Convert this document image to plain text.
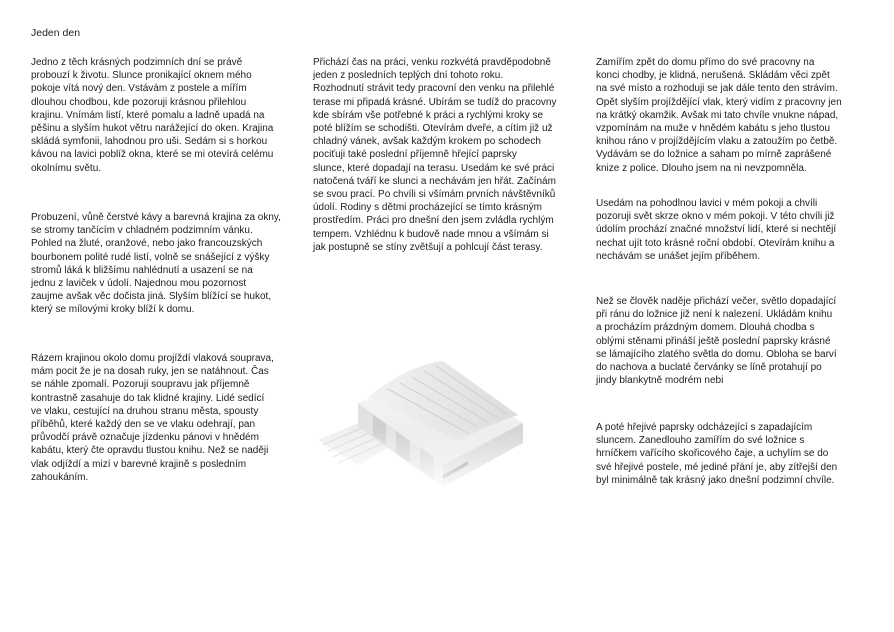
Jeden den

Jedno z těch krásných podzimních dní se právě
probouzí k životu. Slunce pronikající oknem mého
pokoje vítá nový den. Vstávám z postele a mířím
dlouhou chodbou, kde pozoruji krásnou přilehlou
krajinu. Vnímám listí, které pomalu a ladně upadá na
pěšinu a slyším hukot větru narážející do oken. Krajina
skládá symfonii, lahodnou pro uši. Sedám si s horkou
kávou na lavici poblíž okna, které se mi otevírá celému
okolnímu světu.

Probuzení, vůně čerstvé kávy a barevná krajina za okny,
se stromy tančícím v chladném podzimním vánku.
Pohled na žluté, oranžové, nebo jako francouzských
bourbonem polité rudé listí, volně se snášející z výšky
stromů láká k bližšímu nahlédnutí a usazení se na
jednu z laviček v údolí. Najednou mou pozornost
zaujme avšak věc dočista jiná. Slyším blížící se hukot,
který se mílovými kroky blíží k domu.

Rázem krajinou okolo domu projíždí vlaková souprava,
mám pocit že je na dosah ruky, jen se natáhnout. Čas
se náhle zpomalí. Pozoruji soupravu jak příjemně
kontrastně zasahuje do tak klidné krajiny. Lidé sedící
ve vlaku, cestující na druhou stranu města, spousty
příběhů, které každý den se ve vlaku odehrají, pan
průvodčí právě označuje jízdenku pánovi v hnědém
kabátu, který čte opravdu tlustou knihu. Než se naději
vlak odjíždí a mizí v barevné krajině s posledním
zahoukáním.

Přichází čas na práci, venku rozkvétá pravděpodobně
jeden z posledních teplých dní tohoto roku.
Rozhodnutí strávit tedy pracovní den venku na přilehlé
terase mi připadá krásné. Ubírám se tudíž do pracovny
kde sbírám vše potřebné k práci a rychlými kroky se
poté blížím se schodišti. Otevírám dveře, a cítím již už
chladný vánek, avšak každým krokem po schodech
pociťuji také poslední příjemně hřející paprsky
slunce, které dopadají na terasu. Usedám ke své práci
natočená tváří ke slunci a nechávám jen hřát. Začínám
se svou prací. Po chvíli si všímám prvních návštěvníků
údolí. Rodiny s dětmi procházející se tímto krásným
prostředím. Práci pro dnešní den jsem zvládla rychlým
tempem. Vzhlédnu k budově nade mnou a všímám si
jak postupně se stíny zvětšují a pohlcují část terasy.

Zamířím zpět do domu přímo do své pracovny na
konci chodby, je klidná, nerušená. Skládám věci zpět
na své místo a rozhoduji se jak dále tento den strávím.
Opět slyším projíždějící vlak, který vidím z pracovny jen
na krátký okamžik. Avšak mi tato chvíle vnukne nápad,
vzpomínám na muže v hnědém kabátu s jeho tlustou
knihou ráno v projíždějícím vlaku a zatoužím po četbě.
Vydávám se do ložnice a saham po mírně zaprášené
knize z police. Dlouho jsem na ni nevzpomněla.

Usedám na pohodlnou lavici v mém pokoji a chvíli
pozoruji svět skrze okno v mém pokoji. V této chvíli již
údolím prochází značné množství lidí, které si nechtějí
nechat ujít toto krásné roční období. Otevírám knihu a
nechávám se unášet jejím příběhem.

Než se člověk naděje přichází večer, světlo dopadající
při ránu do ložnice již není k nalezení. Ukládám knihu
a procházím prázdným domem. Dlouhá chodba s
oblými stěnami přináší ještě poslední paprsky krásné
se lámajícího zlatého světla do domu. Obloha se barví
do nachova a buclaté červánky se líně protahují po
jindy blankytně modrém nebi

A poté hřejivé paprsky odcházející s zapadajícím
sluncem. Zanedlouho zamířím do své ložnice s
hrníčkem vařícího skořicového čaje, a uchylím se do
své hřejivé postele, mé jediné přání je, aby zítřejší den
byl minimálně tak krásný jako dnešní podzimní chvíle.
